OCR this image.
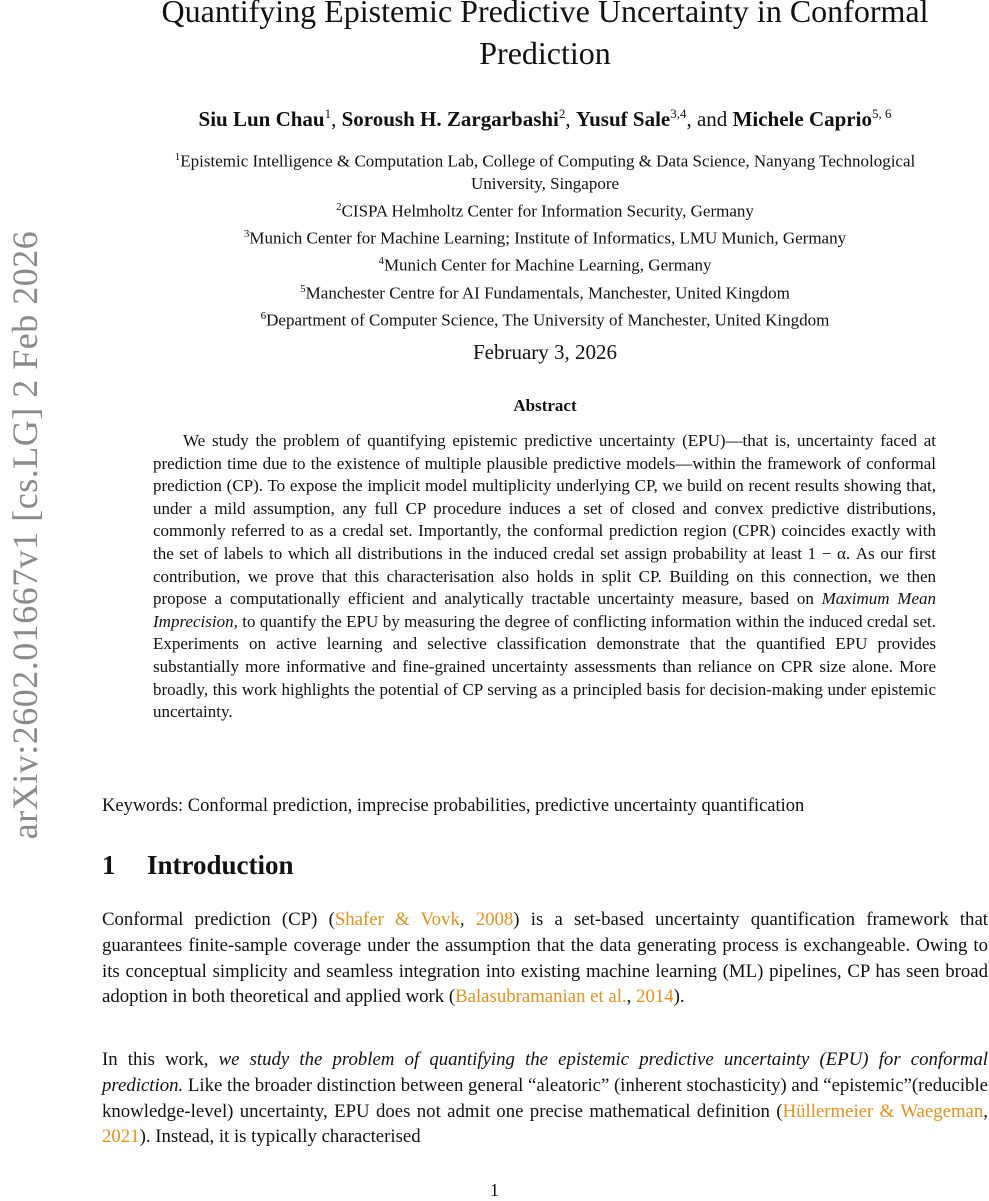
arXiv:2602.01667v1 [cs.LG] 2 Feb 2026
Quantifying Epistemic Predictive Uncertainty in Conformal
Prediction
Siu Lun Chau$^1$, Soroush H. Zargarbashi$^2$, Yusuf Sale$^{3,4}$, and Michele Caprio$^{5, 6}$
$^1$Epistemic Intelligence & Computation Lab, College of Computing & Data Science, Nanyang Technological
University, Singapore
$^2$CISPA Helmholtz Center for Information Security, Germany
$^3$Munich Center for Machine Learning; Institute of Informatics, LMU Munich, Germany
$^4$Munich Center for Machine Learning, Germany
$^5$Manchester Centre for AI Fundamentals, Manchester, United Kingdom
$^6$Department of Computer Science, The University of Manchester, United Kingdom
February 3, 2026
Abstract
We study the problem of quantifying epistemic predictive uncertainty (EPU)—that is, uncertainty faced at prediction time due to the existence of multiple plausible predictive models—within the framework of conformal prediction (CP). To expose the implicit model multiplicity underlying CP, we build on recent results showing that, under a mild assumption, any full CP procedure induces a set of closed and convex predictive distributions, commonly referred to as a credal set. Importantly, the conformal prediction region (CPR) coincides exactly with the set of labels to which all distributions in the induced credal set assign probability at least 1 − α. As our first contribution, we prove that this characterisation also holds in split CP. Building on this connection, we then propose a computationally efficient and analytically tractable uncertainty measure, based on Maximum Mean Imprecision, to quantify the EPU by measuring the degree of conflicting information within the induced credal set. Experiments on active learning and selective classification demonstrate that the quantified EPU provides substantially more informative and fine-grained uncertainty assessments than reliance on CPR size alone. More broadly, this work highlights the potential of CP serving as a principled basis for decision-making under epistemic uncertainty.
Keywords: Conformal prediction, imprecise probabilities, predictive uncertainty quantification
1 Introduction
Conformal prediction (CP) (Shafer & Vovk, 2008) is a set-based uncertainty quantification framework that guarantees finite-sample coverage under the assumption that the data generating process is exchangeable. Owing to its conceptual simplicity and seamless integration into existing machine learning (ML) pipelines, CP has seen broad adoption in both theoretical and applied work (Balasubramanian et al., 2014).
In this work, we study the problem of quantifying the epistemic predictive uncertainty (EPU) for conformal prediction. Like the broader distinction between general “aleatoric” (inherent stochasticity) and “epistemic”(reducible knowledge-level) uncertainty, EPU does not admit one precise mathematical definition (Hüllermeier & Waegeman, 2021). Instead, it is typically characterised
1
